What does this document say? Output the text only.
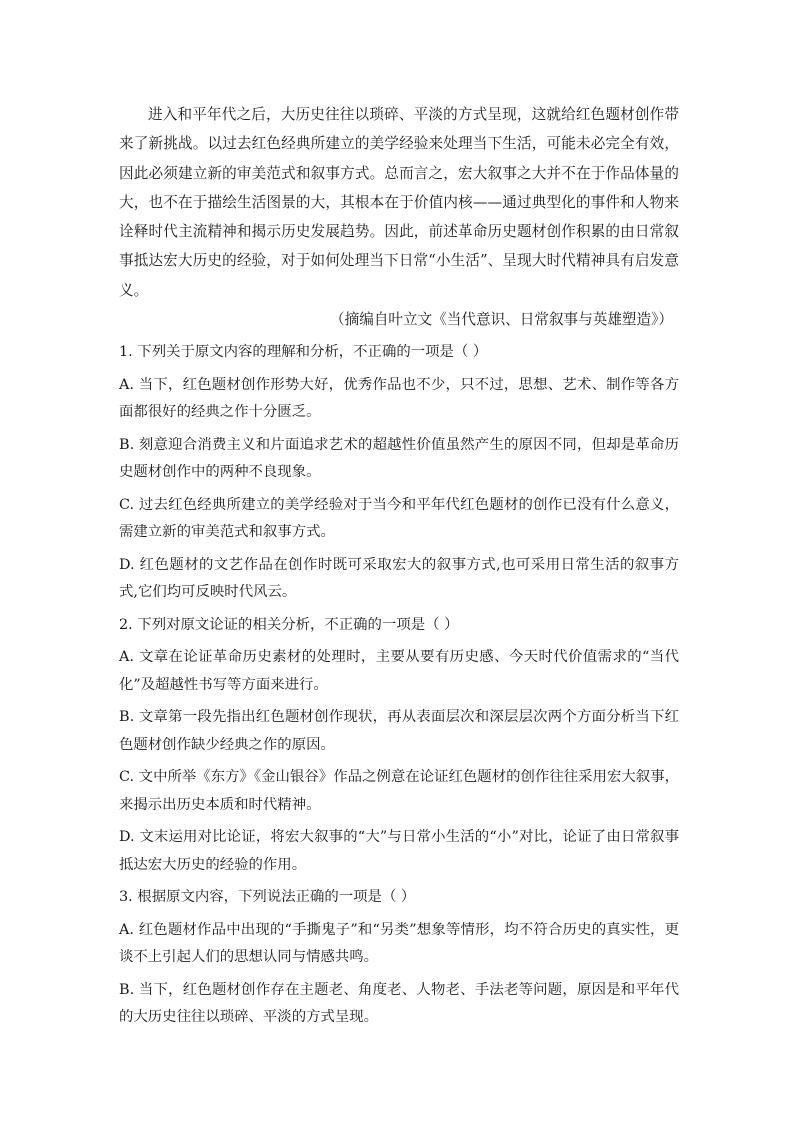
进入和平年代之后，大历史往往以琐碎、平淡的方式呈现，这就给红色题材创作带来了新挑战。以过去红色经典所建立的美学经验来处理当下生活，可能未必完全有效，因此必须建立新的审美范式和叙事方式。总而言之，宏大叙事之大并不在于作品体量的大，也不在于描绘生活图景的大，其根本在于价值内核——通过典型化的事件和人物来诠释时代主流精神和揭示历史发展趋势。因此，前述革命历史题材创作积累的由日常叙事抵达宏大历史的经验，对于如何处理当下日常“小生活”、呈现大时代精神具有启发意义。

（摘编自叶立文《当代意识、日常叙事与英雄塑造》）

1. 下列关于原文内容的理解和分析，不正确的一项是（ ）

A. 当下，红色题材创作形势大好，优秀作品也不少，只不过，思想、艺术、制作等各方面都很好的经典之作十分匮乏。

B. 刻意迎合消费主义和片面追求艺术的超越性价值虽然产生的原因不同，但却是革命历史题材创作中的两种不良现象。

C. 过去红色经典所建立的美学经验对于当今和平年代红色题材的创作已没有什么意义，需建立新的审美范式和叙事方式。

D. 红色题材的文艺作品在创作时既可采取宏大的叙事方式,也可采用日常生活的叙事方式,它们均可反映时代风云。

2. 下列对原文论证的相关分析，不正确的一项是（ ）

A. 文章在论证革命历史素材的处理时，主要从要有历史感、今天时代价值需求的“当代化”及超越性书写等方面来进行。

B. 文章第一段先指出红色题材创作现状，再从表面层次和深层层次两个方面分析当下红色题材创作缺少经典之作的原因。

C. 文中所举《东方》《金山银谷》作品之例意在论证红色题材的创作往往采用宏大叙事，来揭示出历史本质和时代精神。

D. 文末运用对比论证，将宏大叙事的“大”与日常小生活的“小”对比，论证了由日常叙事抵达宏大历史的经验的作用。

3. 根据原文内容，下列说法正确的一项是（ ）

A. 红色题材作品中出现的“手撕鬼子”和“另类”想象等情形，均不符合历史的真实性，更谈不上引起人们的思想认同与情感共鸣。

B. 当下，红色题材创作存在主题老、角度老、人物老、手法老等问题，原因是和平年代的大历史往往以琐碎、平淡的方式呈现。
